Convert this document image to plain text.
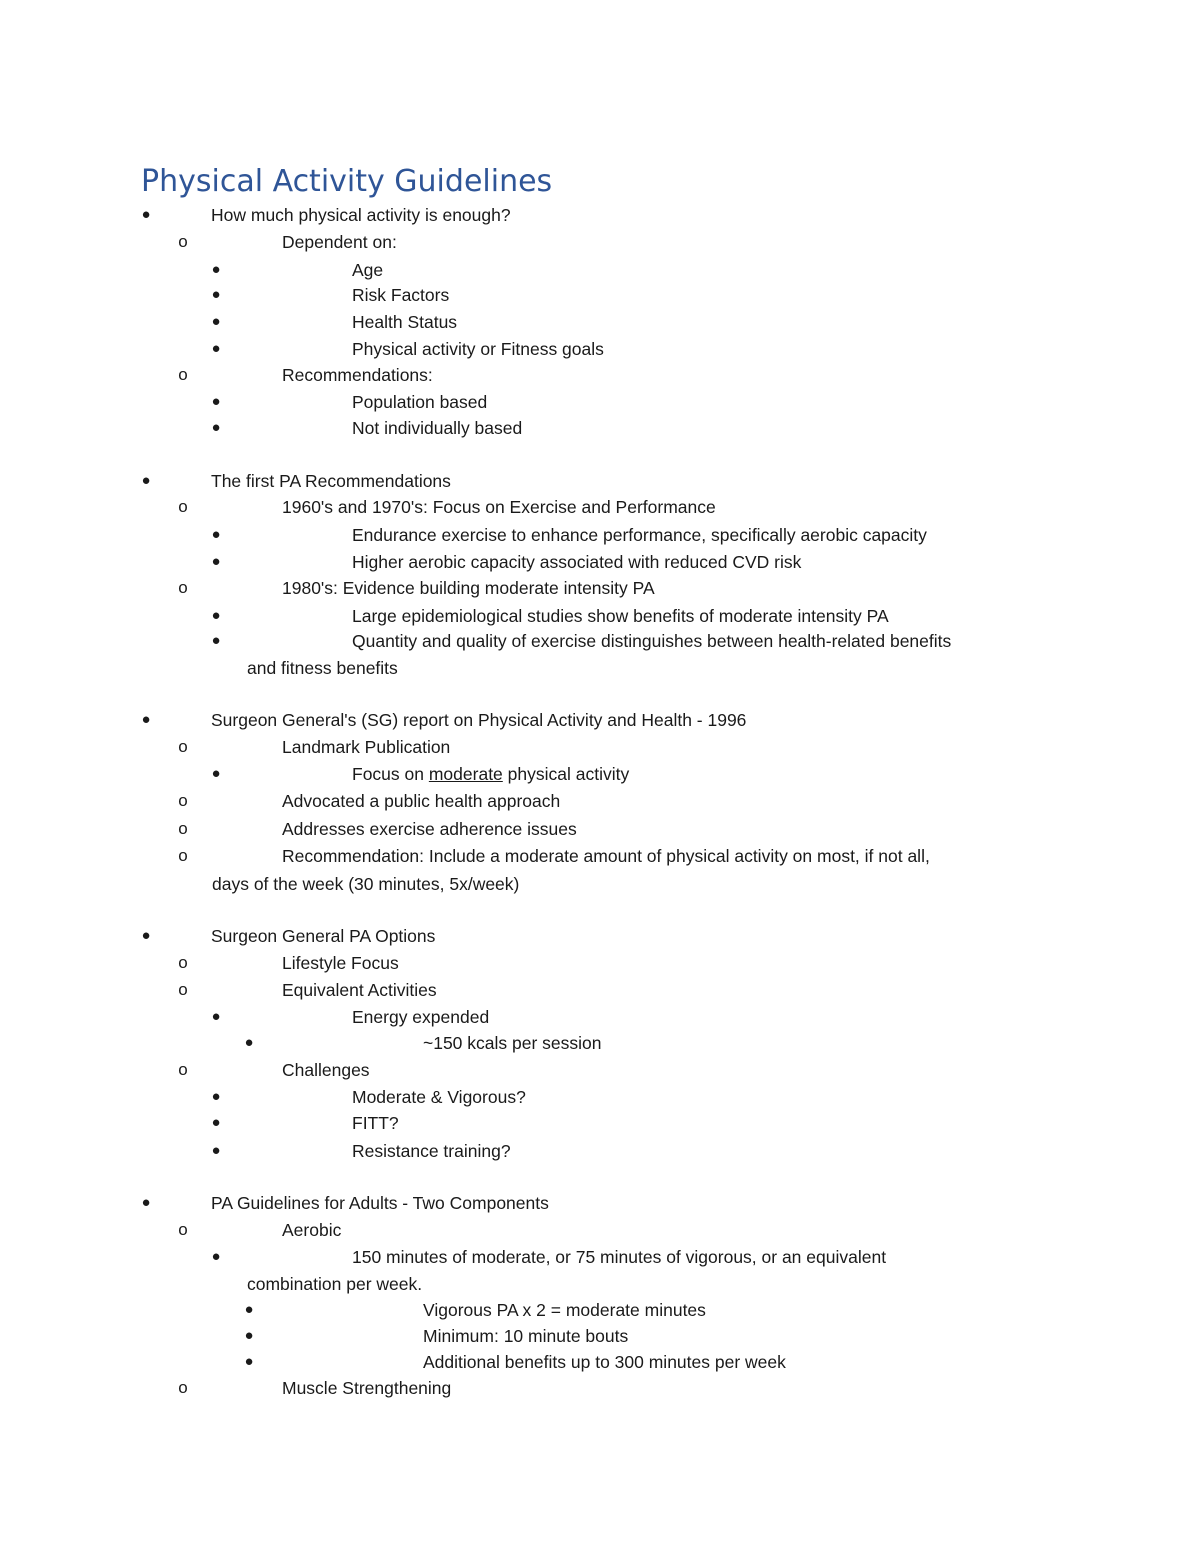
Physical Activity Guidelines
●	How much physical activity is enough?
o	Dependent on:
●	Age
●	Risk Factors
●	Health Status
●	Physical activity or Fitness goals
o	Recommendations:
●	Population based
●	Not individually based
●	The first PA Recommendations
o	1960's and 1970's: Focus on Exercise and Performance
●	Endurance exercise to enhance performance, specifically aerobic capacity
●	Higher aerobic capacity associated with reduced CVD risk
o	1980's: Evidence building moderate intensity PA
●	Large epidemiological studies show benefits of moderate intensity PA
●	Quantity and quality of exercise distinguishes between health-related benefits
and fitness benefits
●	Surgeon General's (SG) report on Physical Activity and Health - 1996
o	Landmark Publication
●	Focus on moderate physical activity
o	Advocated a public health approach
o	Addresses exercise adherence issues
o	Recommendation: Include a moderate amount of physical activity on most, if not all,
days of the week (30 minutes, 5x/week)
●	Surgeon General PA Options
o	Lifestyle Focus
o	Equivalent Activities
●	Energy expended
●	~150 kcals per session
o	Challenges
●	Moderate & Vigorous?
●	FITT?
●	Resistance training?
●	PA Guidelines for Adults - Two Components
o	Aerobic
●	150 minutes of moderate, or 75 minutes of vigorous, or an equivalent
combination per week.
●	Vigorous PA x 2 = moderate minutes
●	Minimum: 10 minute bouts
●	Additional benefits up to 300 minutes per week
o	Muscle Strengthening
